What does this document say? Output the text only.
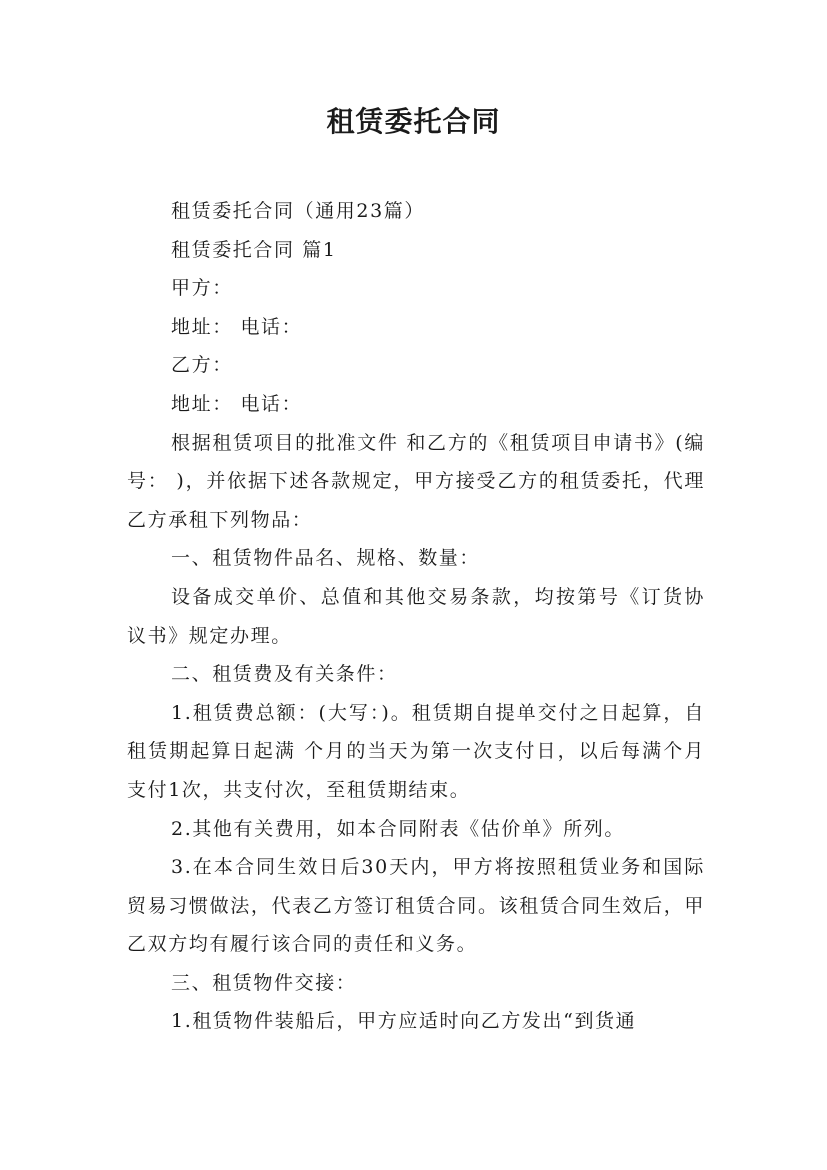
租赁委托合同

租赁委托合同（通用23篇）

租赁委托合同 篇1

甲方：

地址： 电话：

乙方：

地址： 电话：

根据租赁项目的批准文件 和乙方的《租赁项目申请书》(编号： )，并依据下述各款规定，甲方接受乙方的租赁委托，代理乙方承租下列物品：

一、租赁物件品名、规格、数量：

设备成交单价、总值和其他交易条款，均按第号《订货协议书》规定办理。

二、租赁费及有关条件：

1.租赁费总额：(大写：)。租赁期自提单交付之日起算，自租赁期起算日起满 个月的当天为第一次支付日，以后每满个月支付1次，共支付次，至租赁期结束。

2.其他有关费用，如本合同附表《估价单》所列。

3.在本合同生效日后30天内，甲方将按照租赁业务和国际贸易习惯做法，代表乙方签订租赁合同。该租赁合同生效后，甲乙双方均有履行该合同的责任和义务。

三、租赁物件交接：

1.租赁物件装船后，甲方应适时向乙方发出“到货通
